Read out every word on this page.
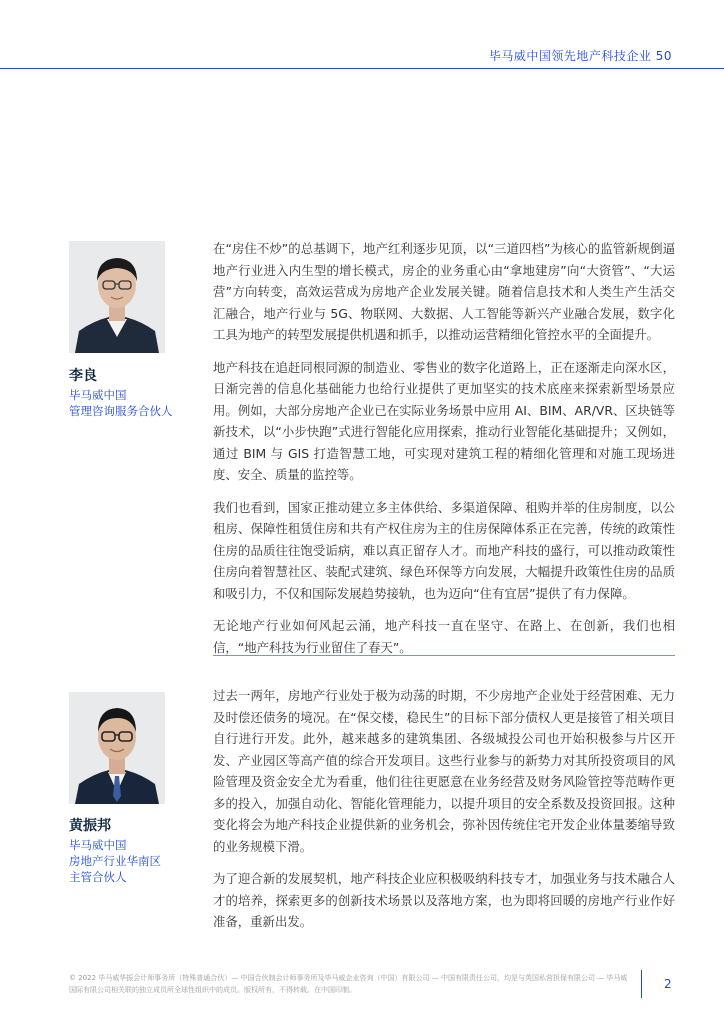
毕马威中国领先地产科技企业 50
李良
毕马威中国
管理咨询服务合伙人

在“房住不炒”的总基调下，地产红利逐步见顶，以“三道四档”为核心的监管新规倒逼地产行业进入内生型的增长模式，房企的业务重心由“拿地建房”向“大资管”、“大运营”方向转变，高效运营成为房地产企业发展关键。随着信息技术和人类生产生活交汇融合，地产行业与 5G、物联网、大数据、人工智能等新兴产业融合发展，数字化工具为地产的转型发展提供机遇和抓手，以推动运营精细化管控水平的全面提升。

地产科技在追赶同根同源的制造业、零售业的数字化道路上，正在逐渐走向深水区，日渐完善的信息化基础能力也给行业提供了更加坚实的技术底座来探索新型场景应用。例如，大部分房地产企业已在实际业务场景中应用 AI、BIM、AR/VR、区块链等新技术，以“小步快跑”式进行智能化应用探索，推动行业智能化基础提升；又例如，通过 BIM 与 GIS 打造智慧工地，可实现对建筑工程的精细化管理和对施工现场进度、安全、质量的监控等。

我们也看到，国家正推动建立多主体供给、多渠道保障、租购并举的住房制度，以公租房、保障性租赁住房和共有产权住房为主的住房保障体系正在完善，传统的政策性住房的品质往往饱受诟病，难以真正留存人才。而地产科技的盛行，可以推动政策性住房向着智慧社区、装配式建筑、绿色环保等方向发展，大幅提升政策性住房的品质和吸引力，不仅和国际发展趋势接轨，也为迈向“住有宜居”提供了有力保障。

无论地产行业如何风起云涌，地产科技一直在坚守、在路上、在创新，我们也相信，“地产科技为行业留住了春天”。

黄振邦
毕马威中国
房地产行业华南区
主管合伙人

过去一两年，房地产行业处于极为动荡的时期，不少房地产企业处于经营困难、无力及时偿还债务的境况。在“保交楼，稳民生”的目标下部分债权人更是接管了相关项目自行进行开发。此外，越来越多的建筑集团、各级城投公司也开始积极参与片区开发、产业园区等高产值的综合开发项目。这些行业参与的新势力对其所投资项目的风险管理及资金安全尤为看重，他们往往更愿意在业务经营及财务风险管控等范畴作更多的投入，加强自动化、智能化管理能力，以提升项目的安全系数及投资回报。这种变化将会为地产科技企业提供新的业务机会，弥补因传统住宅开发企业体量萎缩导致的业务规模下滑。

为了迎合新的发展契机，地产科技企业应积极吸纳科技专才，加强业务与技术融合人才的培养，探索更多的创新技术场景以及落地方案，也为即将回暖的房地产行业作好准备，重新出发。

© 2022 毕马威华振会计师事务所（特殊普通合伙）— 中国合伙制会计师事务所及毕马威企业咨询（中国）有限公司 — 中国有限责任公司，均是与英国私营担保有限公司 — 毕马威国际有限公司相关联的独立成员所全球性组织中的成员。版权所有，不得转载。在中国印制。	2
